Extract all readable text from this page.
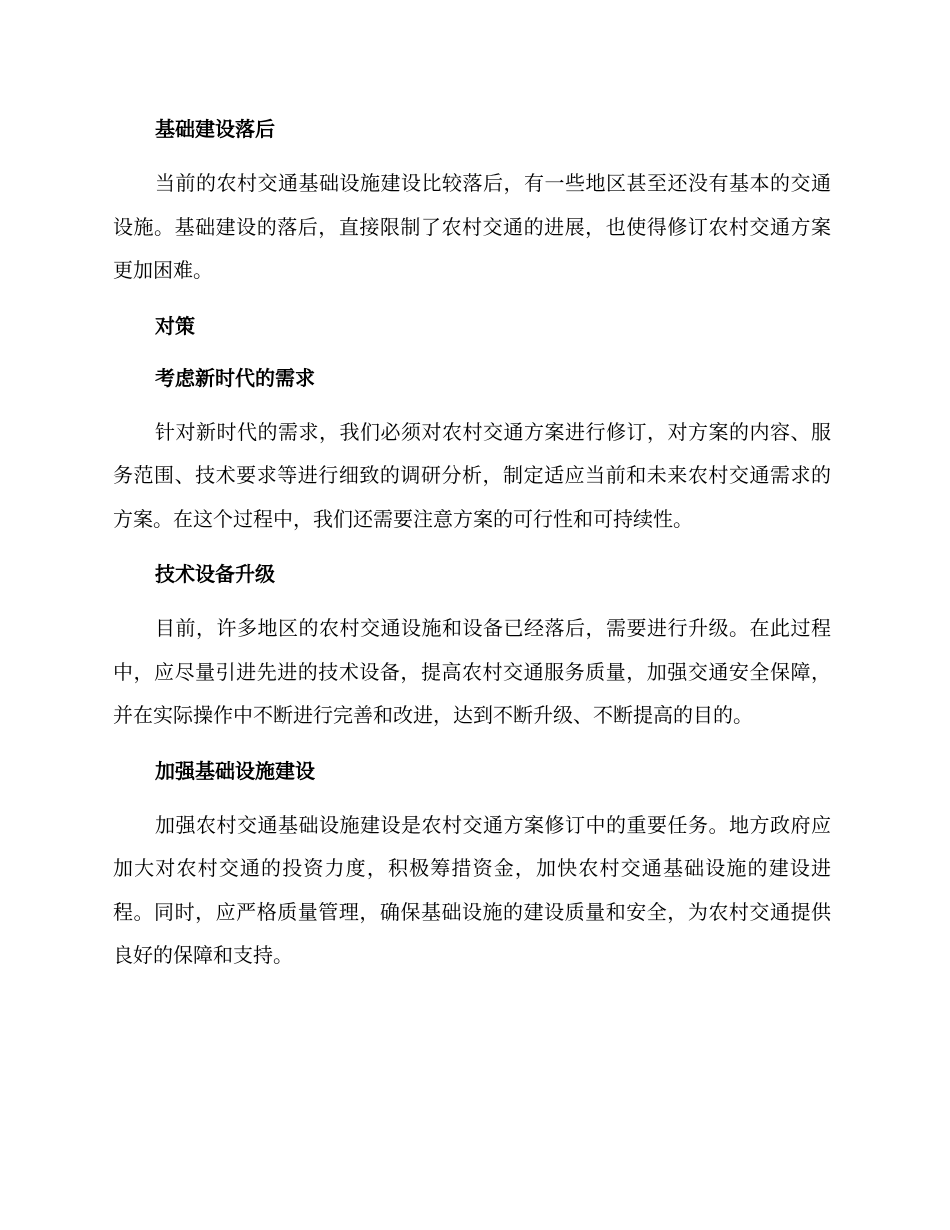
基础建设落后

当前的农村交通基础设施建设比较落后，有一些地区甚至还没有基本的交通设施。基础建设的落后，直接限制了农村交通的进展，也使得修订农村交通方案更加困难。

对策
考虑新时代的需求

针对新时代的需求，我们必须对农村交通方案进行修订，对方案的内容、服务范围、技术要求等进行细致的调研分析，制定适应当前和未来农村交通需求的方案。在这个过程中，我们还需要注意方案的可行性和可持续性。

技术设备升级

目前，许多地区的农村交通设施和设备已经落后，需要进行升级。在此过程中，应尽量引进先进的技术设备，提高农村交通服务质量，加强交通安全保障，并在实际操作中不断进行完善和改进，达到不断升级、不断提高的目的。

加强基础设施建设

加强农村交通基础设施建设是农村交通方案修订中的重要任务。地方政府应加大对农村交通的投资力度，积极筹措资金，加快农村交通基础设施的建设进程。同时，应严格质量管理，确保基础设施的建设质量和安全，为农村交通提供良好的保障和支持。
